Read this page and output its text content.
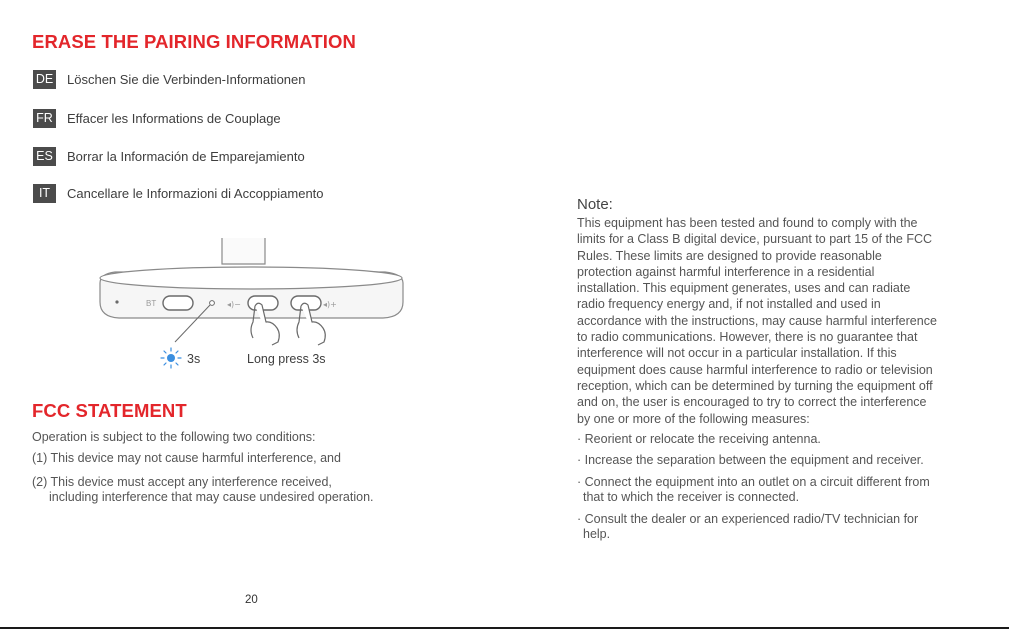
ERASE THE PAIRING INFORMATION
DE Löschen Sie die Verbinden-Informationen
FR Effacer les Informations de Couplage
ES Borrar la Información de Emparejamiento
IT	Cancellare le Informazioni di Accoppiamento
BT	◂)−	◂)+
3s	Long press 3s
FCC STATEMENT
Operation is subject to the following two conditions:
(1) This device may not cause harmful interference, and
(2) This device must accept any interference received,
including interference that may cause undesired operation.

Note:

This equipment has been tested and found to comply with the limits for a Class B digital device, pursuant to part 15 of the FCC Rules. These limits are designed to provide reasonable protection against harmful interference in a residential installation. This equipment generates, uses and can radiate radio frequency energy and, if not installed and used in accordance with the instructions, may cause harmful interference to radio communications. However, there is no guarantee that interference will not occur in a particular installation. If this equipment does cause harmful interference to radio or television reception, which can be determined by turning the equipment off and on, the user is encouraged to try to correct the interference by one or more of the following measures:

· Reorient or relocate the receiving antenna.
· Increase the separation between the equipment and receiver.
· Connect the equipment into an outlet on a circuit different from that to which the receiver is connected.
· Consult the dealer or an experienced radio/TV technician for help.
20
